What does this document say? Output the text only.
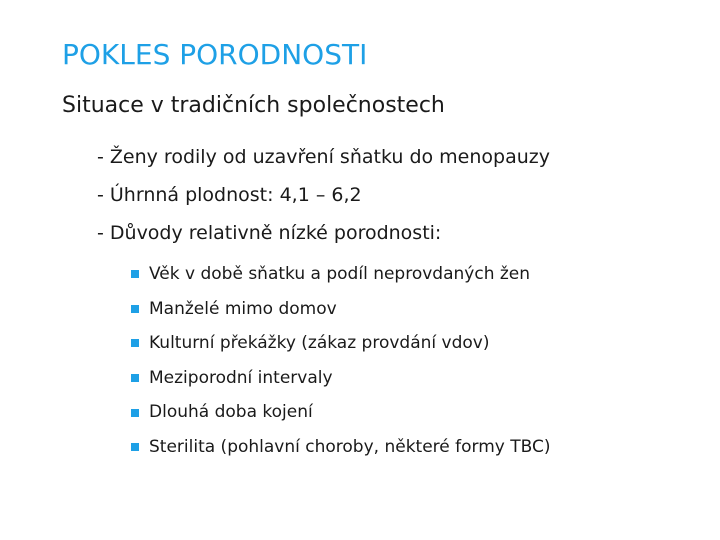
POKLES PORODNOSTI
Situace v tradičních společnostech
- Ženy rodily od uzavření sňatku do menopauzy
- Úhrnná plodnost: 4,1 – 6,2
- Důvody relativně nízké porodnosti:
Věk v době sňatku a podíl neprovdaných žen
Manželé mimo domov
Kulturní překážky (zákaz provdání vdov)
Meziporodní intervaly
Dlouhá doba kojení
Sterilita (pohlavní choroby, některé formy TBC)
